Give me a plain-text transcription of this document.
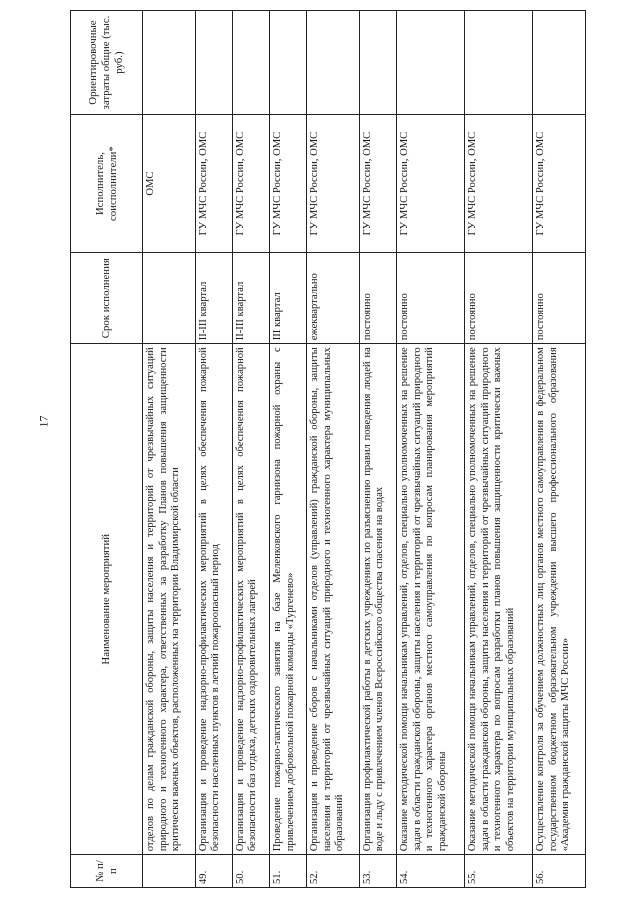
17
№ п/п	Наименование мероприятий	Срок исполнения	Исполнитель, соисполнители*	Ориентировочные затраты общие (тыс. руб.)
	отделов по делам гражданской обороны, защиты населения и территорий от чрезвычайных ситуаций природного и техногенного характера, ответственных за разработку Планов повышения защищенности критически важных объектов, расположенных на территории Владимирской области		ОМС	
49.	Организация и проведение надзорно-профилактических мероприятий в целях обеспечения пожарной безопасности населенных пунктов в летний пожароопасный период	II-III квартал	ГУ МЧС России, ОМС	
50.	Организация и проведение надзорно-профилактических мероприятий в целях обеспечения пожарной безопасности баз отдыха, детских оздоровительных лагерей	II-III квартал	ГУ МЧС России, ОМС	
51.	Проведение пожарно-тактического занятия на базе Меленковского гарнизона пожарной охраны с привлечением добровольной пожарной команды «Тургенево»	III квартал	ГУ МЧС России, ОМС	
52.	Организация и проведение сборов с начальниками отделов (управлений) гражданской обороны, защиты населения и территорий от чрезвычайных ситуаций природного и техногенного характера муниципальных образований	ежеквартально	ГУ МЧС России, ОМС	
53.	Организация профилактической работы в детских учреждениях по разъяснению правил поведения людей на воде и льду с привлечением членов Всероссийского общества спасения на водах	постоянно	ГУ МЧС России, ОМС	
54.	Оказание методической помощи начальникам управлений, отделов, специально уполномоченных на решение задач в области гражданской обороны, защиты населения и территорий от чрезвычайных ситуаций природного и техногенного характера органов местного самоуправления по вопросам планирования мероприятий гражданской обороны	постоянно	ГУ МЧС России, ОМС	
55.	Оказание методической помощи начальникам управлений, отделов, специально уполномоченных на решение задач в области гражданской обороны, защиты населения и территорий от чрезвычайных ситуаций природного и техногенного характера по вопросам разработки планов повышения защищенности критически важных объектов на территории муниципальных образований	постоянно	ГУ МЧС России, ОМС	
56.	Осуществление контроля за обучением должностных лиц органов местного самоуправления в федеральном государственном бюджетном образовательном учреждении высшего профессионального образования «Академия гражданской защиты МЧС России»	постоянно	ГУ МЧС России, ОМС	
